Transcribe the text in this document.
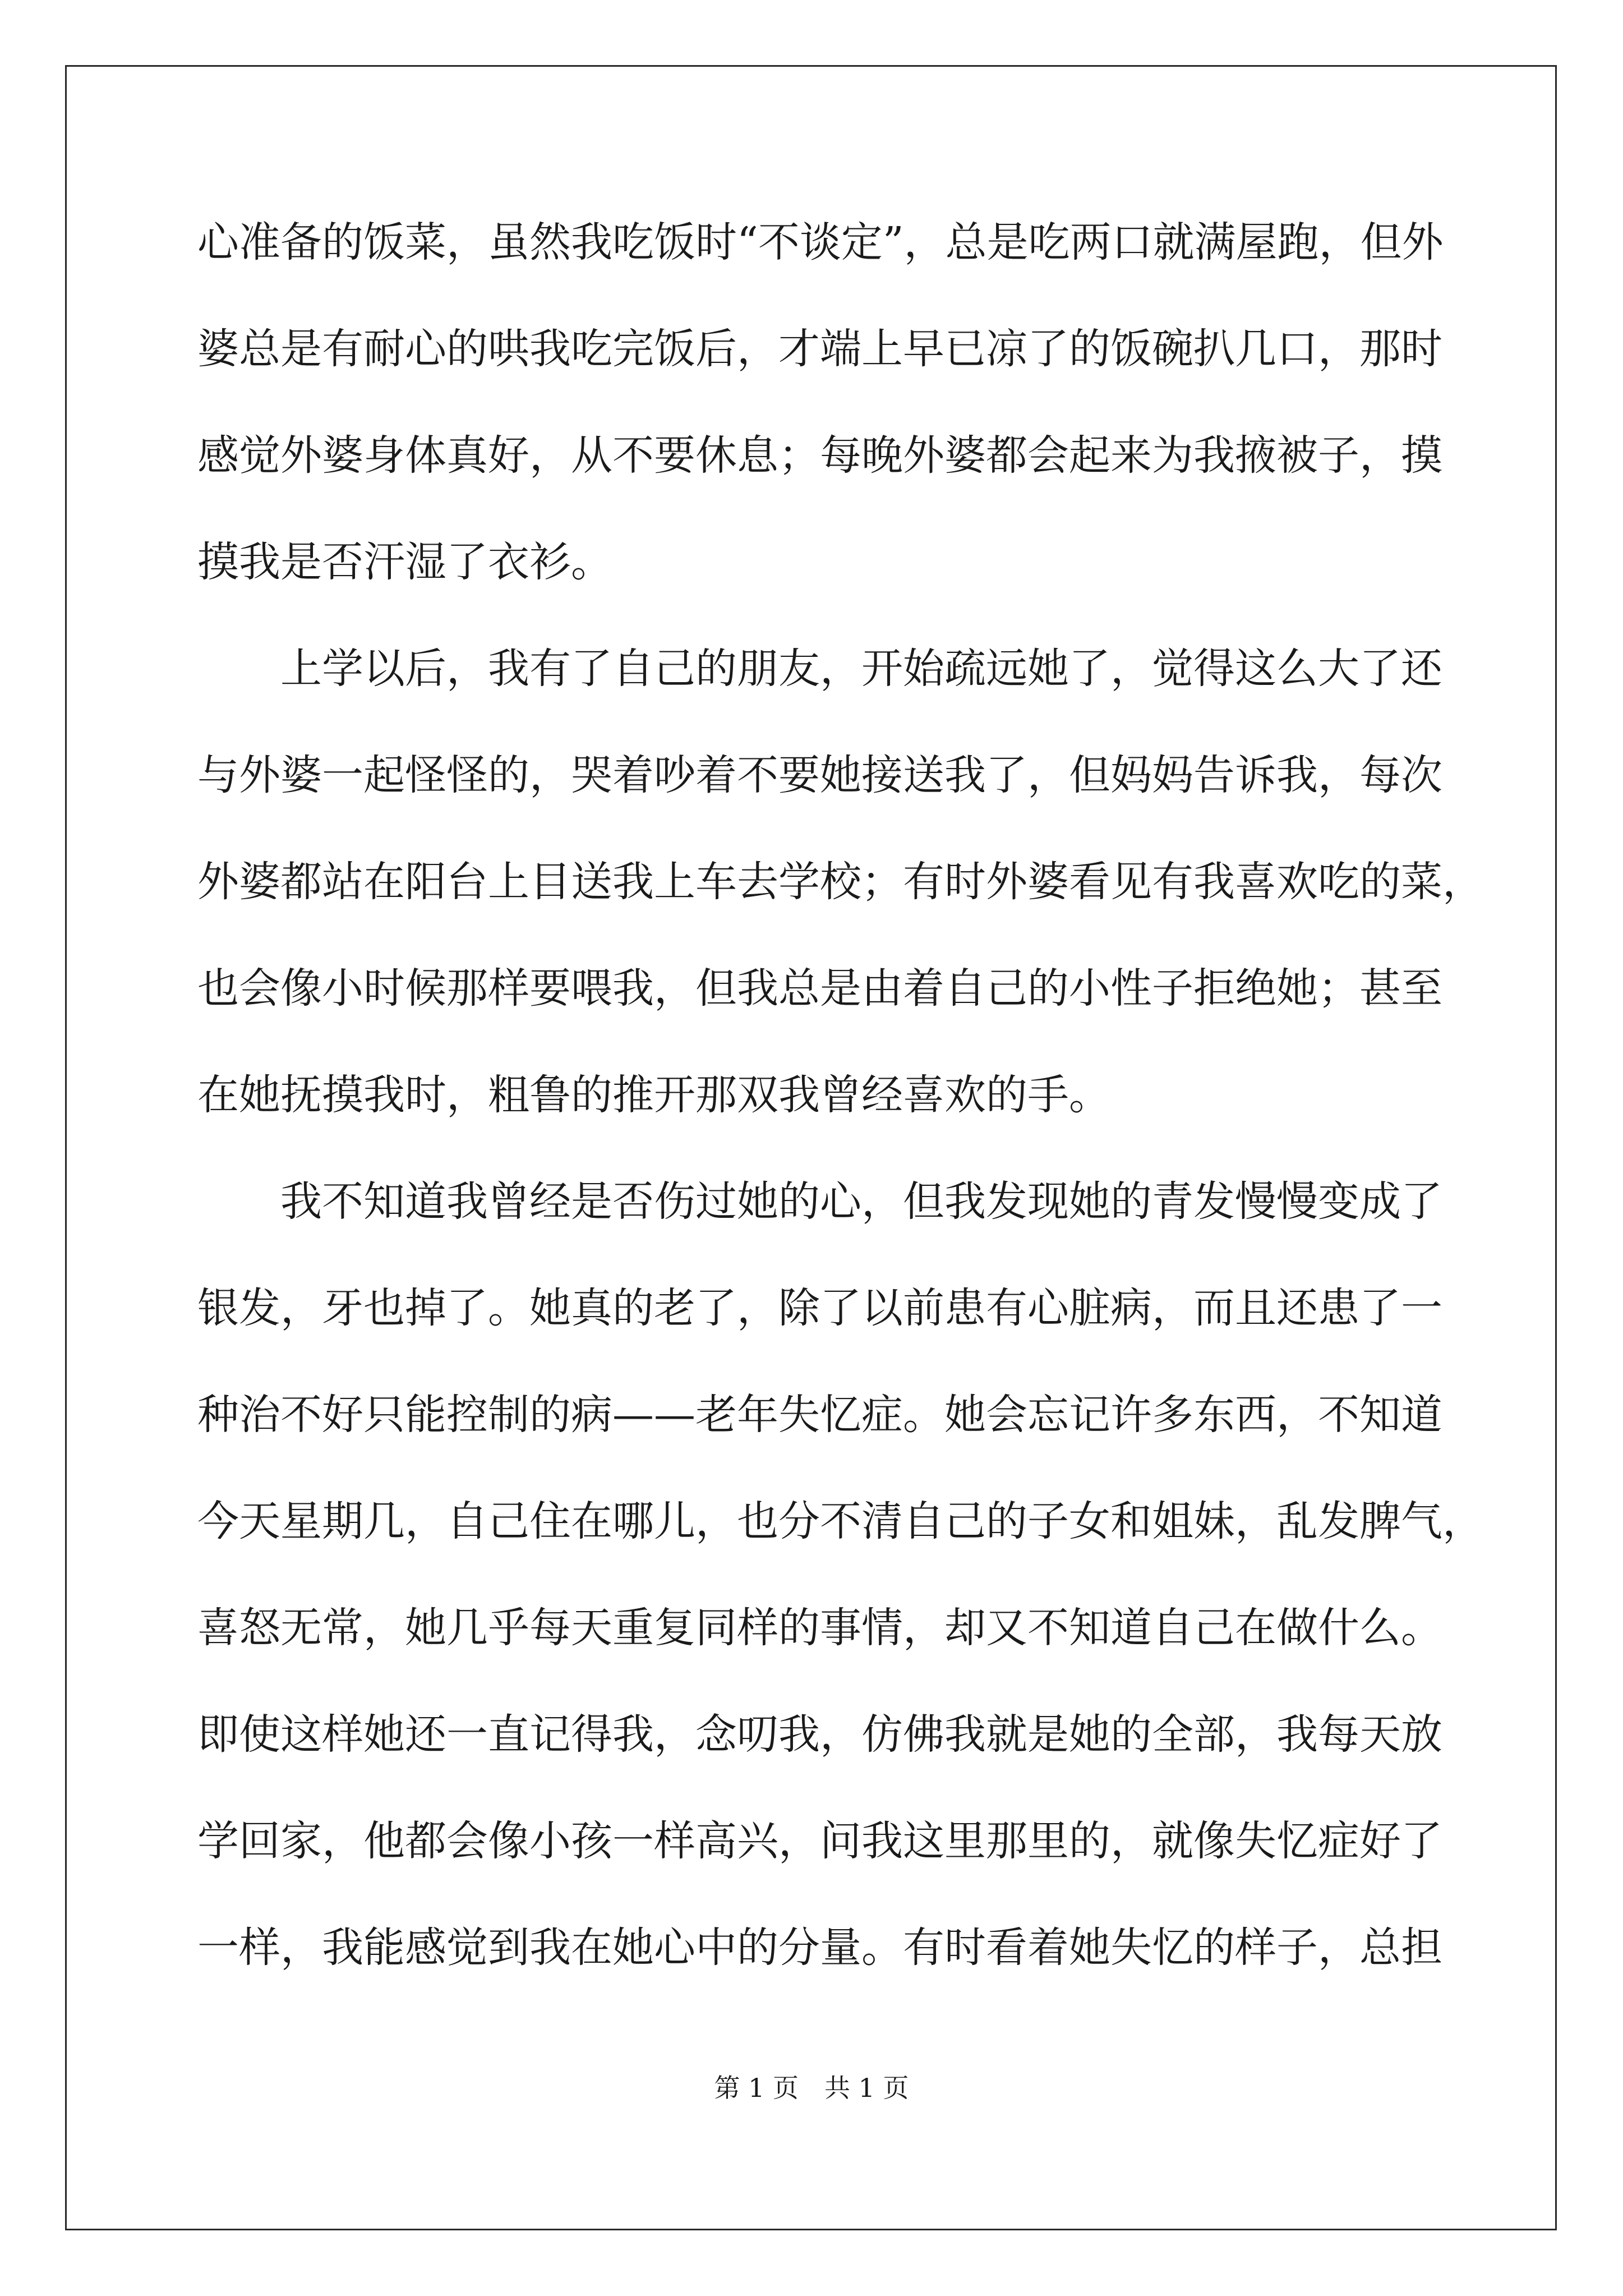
心准备的饭菜，虽然我吃饭时“不谈定”，总是吃两口就满屋跑，但外
婆总是有耐心的哄我吃完饭后，才端上早已凉了的饭碗扒几口，那时
感觉外婆身体真好，从不要休息；每晚外婆都会起来为我掖被子，摸
摸我是否汗湿了衣衫。
　　上学以后，我有了自己的朋友，开始疏远她了，觉得这么大了还
与外婆一起怪怪的，哭着吵着不要她接送我了，但妈妈告诉我，每次
外婆都站在阳台上目送我上车去学校；有时外婆看见有我喜欢吃的菜，
也会像小时候那样要喂我，但我总是由着自己的小性子拒绝她；甚至
在她抚摸我时，粗鲁的推开那双我曾经喜欢的手。
　　我不知道我曾经是否伤过她的心，但我发现她的青发慢慢变成了
银发，牙也掉了。她真的老了，除了以前患有心脏病，而且还患了一
种治不好只能控制的病——老年失忆症。她会忘记许多东西，不知道
今天星期几，自己住在哪儿，也分不清自己的子女和姐妹，乱发脾气，
喜怒无常，她几乎每天重复同样的事情，却又不知道自己在做什么。
即使这样她还一直记得我，念叨我，仿佛我就是她的全部，我每天放
学回家，他都会像小孩一样高兴，问我这里那里的，就像失忆症好了
一样，我能感觉到我在她心中的分量。有时看着她失忆的样子，总担
第 1 页　共 1 页
